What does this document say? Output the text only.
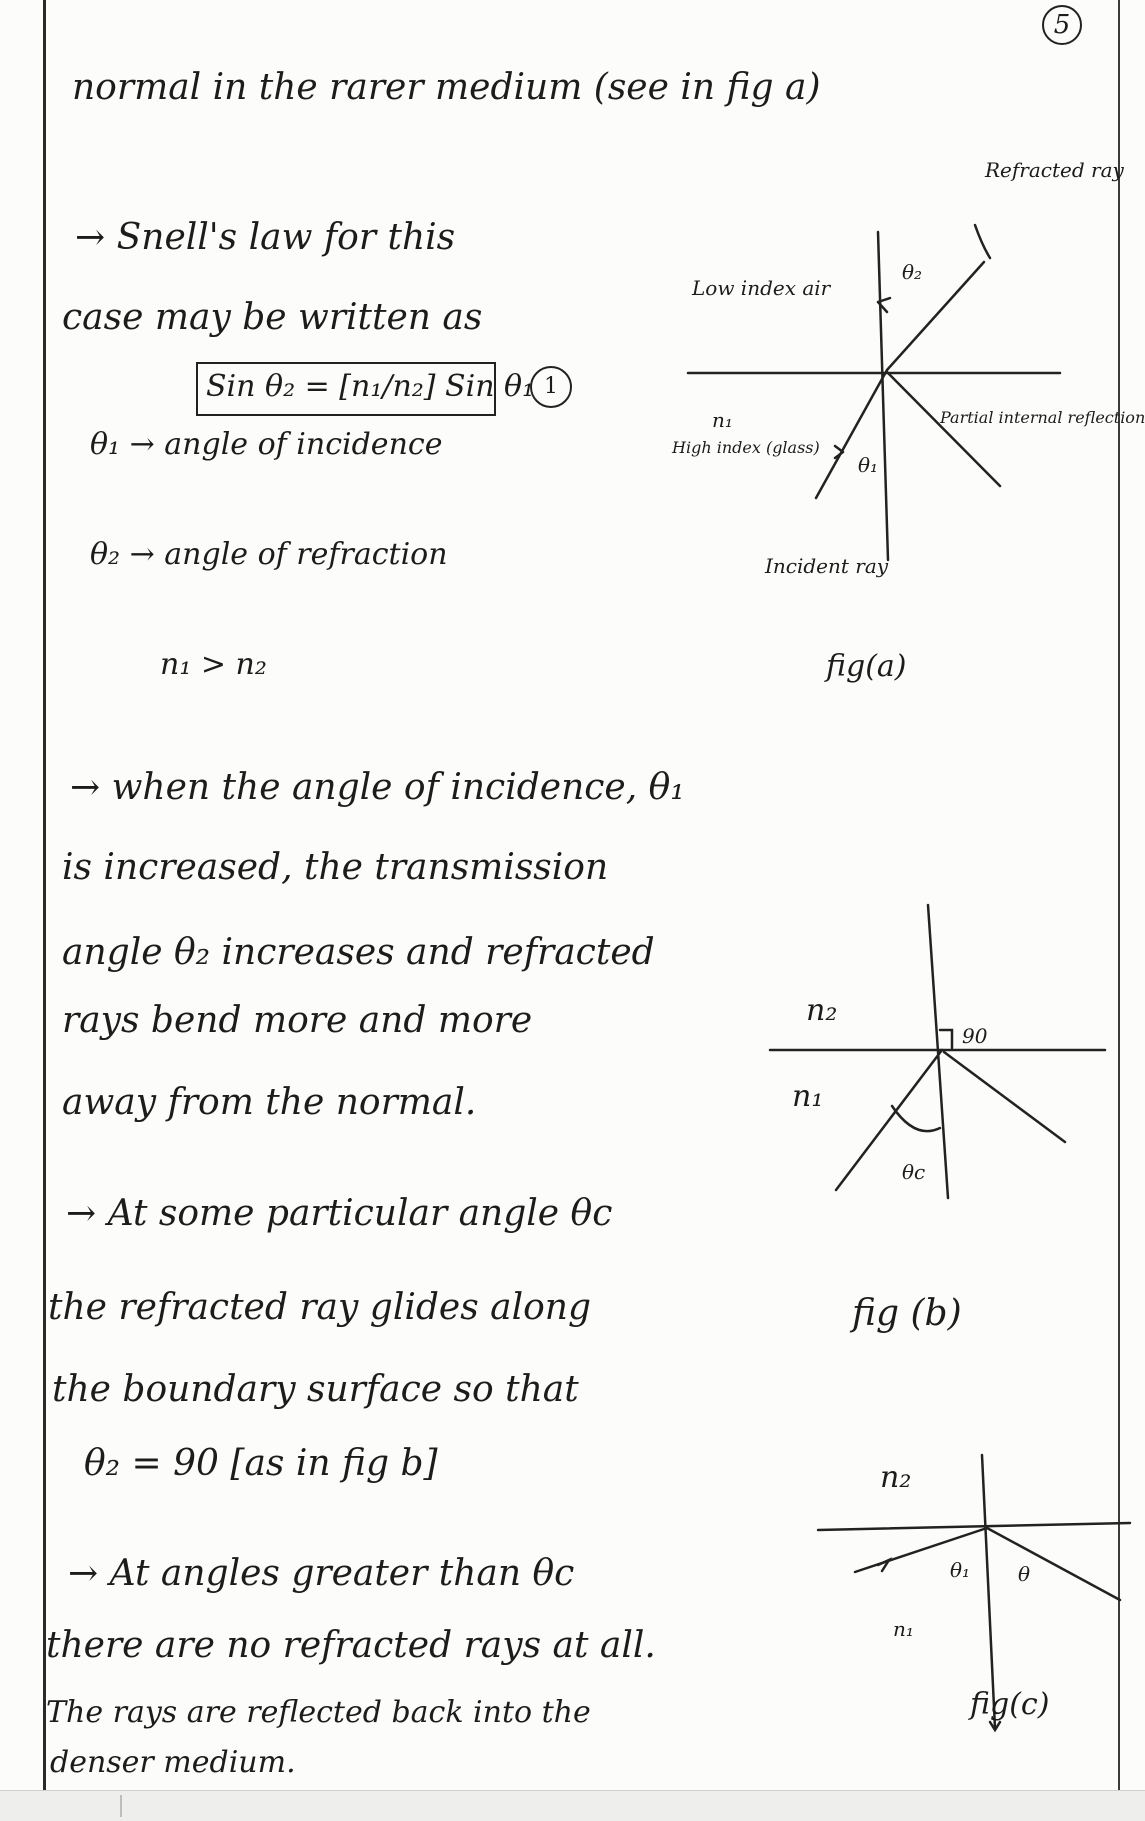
5
normal in the rarer medium (see in fig a)
→ Snell's law for this
case may be written as
Sin θ₂ = [n₁/n₂] Sin θ₁ 1
θ₁ → angle of incidence
θ₂ → angle of refraction
n₁ > n₂
→ when the angle of incidence, θ₁
is increased, the transmission
angle θ₂ increases and refracted
rays bend more and more
away from the normal.
→ At some particular angle θc
the refracted ray glides along
the boundary surface so that
θ₂ = 90 [as in fig b]
→ At angles greater than θc
there are no refracted rays at all.
The rays are reflected back into the
denser medium.
Refracted ray
Low index air
θ₂
n₁
High index (glass)
θ₁
Partial internal reflection
Incident ray
fig(a)
n₂
n₁
90
θc
fig (b)
n₂
n₁
θ₁ θ
fig(c)
